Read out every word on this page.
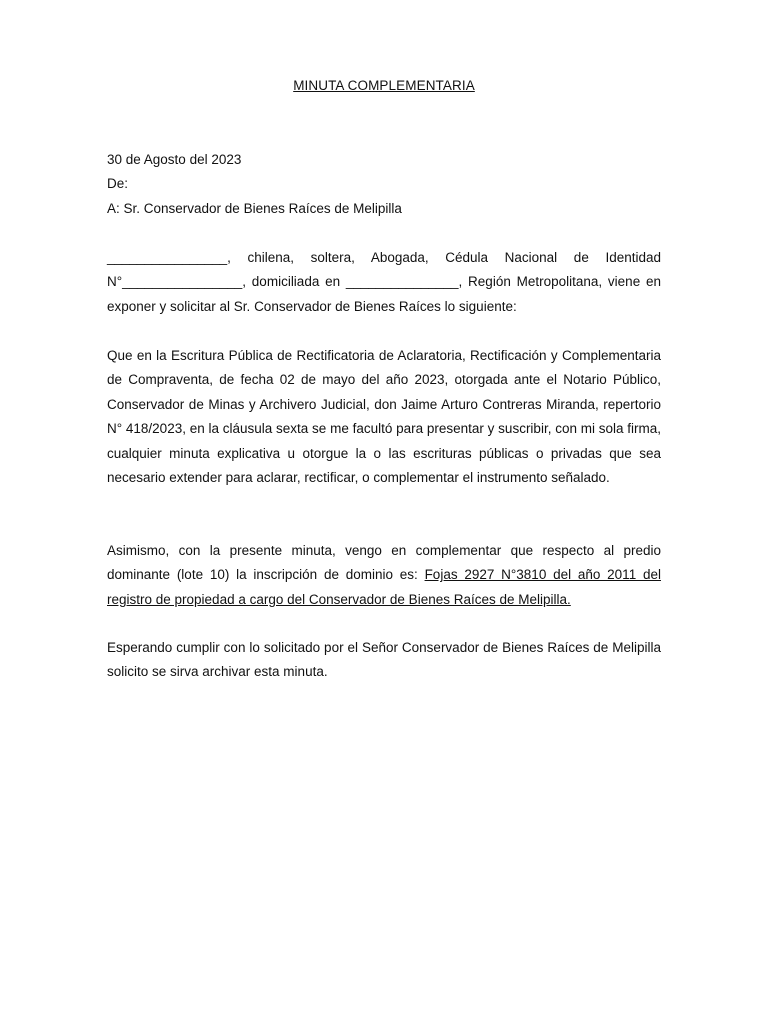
MINUTA COMPLEMENTARIA
30 de Agosto del 2023
De:
A: Sr. Conservador de Bienes Raíces de Melipilla

________________, chilena, soltera, Abogada, Cédula Nacional de Identidad N°________________, domiciliada en _______________, Región Metropolitana, viene en exponer y solicitar al Sr. Conservador de Bienes Raíces lo siguiente:

Que en la Escritura Pública de Rectificatoria de Aclaratoria, Rectificación y Complementaria de Compraventa, de fecha 02 de mayo del año 2023, otorgada ante el Notario Público, Conservador de Minas y Archivero Judicial, don Jaime Arturo Contreras Miranda, repertorio N° 418/2023, en la cláusula sexta se me facultó para presentar y suscribir, con mi sola firma, cualquier minuta explicativa u otorgue la o las escrituras públicas o privadas que sea necesario extender para aclarar, rectificar, o complementar el instrumento señalado.

Asimismo, con la presente minuta, vengo en complementar que respecto al predio dominante (lote 10) la inscripción de dominio es: Fojas 2927 N°3810 del año 2011 del registro de propiedad a cargo del Conservador de Bienes Raíces de Melipilla.

Esperando cumplir con lo solicitado por el Señor Conservador de Bienes Raíces de Melipilla solicito se sirva archivar esta minuta.
